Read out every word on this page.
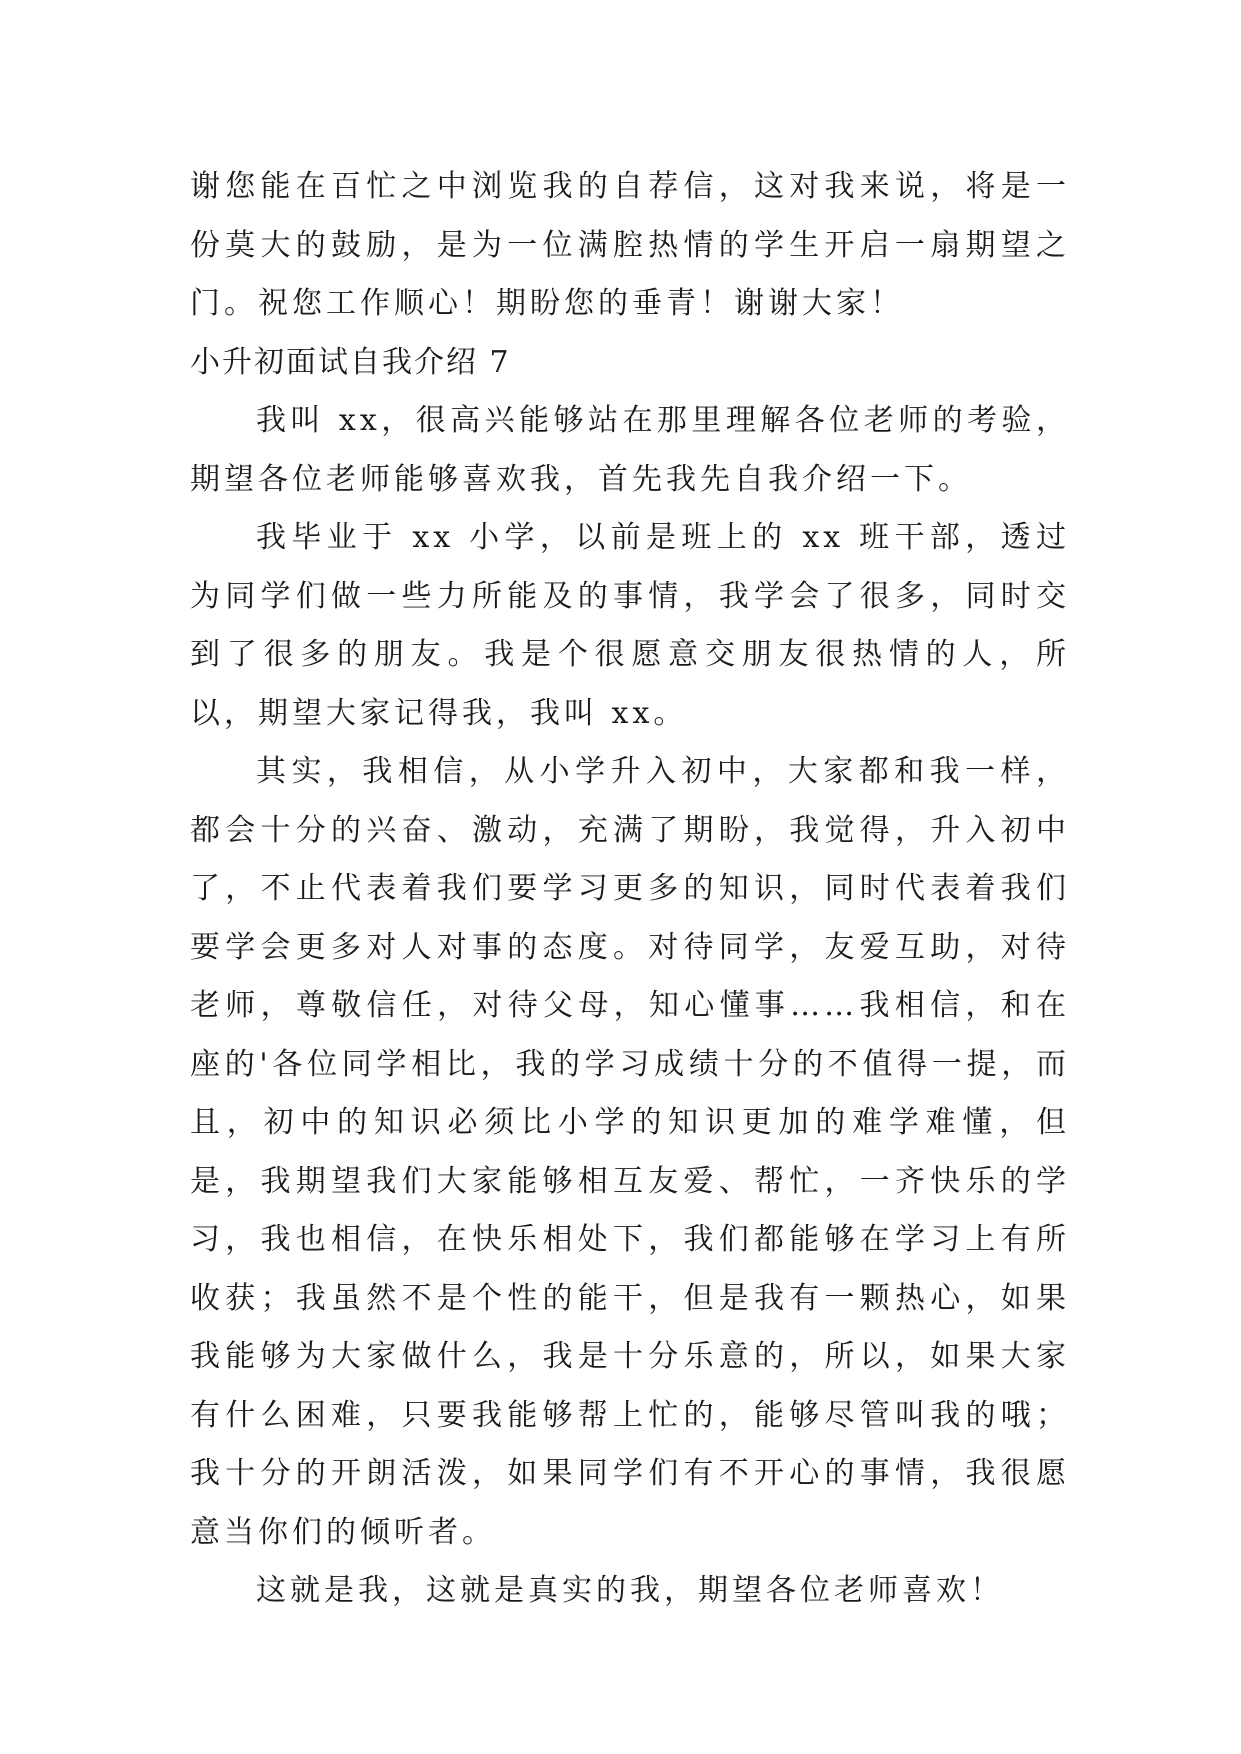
谢您能在百忙之中浏览我的自荐信，这对我来说，将是一份莫大的鼓励，是为一位满腔热情的学生开启一扇期望之门。祝您工作顺心！期盼您的垂青！谢谢大家！

小升初面试自我介绍 7

我叫 xx，很高兴能够站在那里理解各位老师的考验，期望各位老师能够喜欢我，首先我先自我介绍一下。

我毕业于 xx 小学，以前是班上的 xx 班干部，透过为同学们做一些力所能及的事情，我学会了很多，同时交到了很多的朋友。我是个很愿意交朋友很热情的人，所以，期望大家记得我，我叫 xx。

其实，我相信，从小学升入初中，大家都和我一样，都会十分的兴奋、激动，充满了期盼，我觉得，升入初中了，不止代表着我们要学习更多的知识，同时代表着我们要学会更多对人对事的态度。对待同学，友爱互助，对待老师，尊敬信任，对待父母，知心懂事……我相信，和在座的'各位同学相比，我的学习成绩十分的不值得一提，而且，初中的知识必须比小学的知识更加的难学难懂，但是，我期望我们大家能够相互友爱、帮忙，一齐快乐的学习，我也相信，在快乐相处下，我们都能够在学习上有所收获；我虽然不是个性的能干，但是我有一颗热心，如果我能够为大家做什么，我是十分乐意的，所以，如果大家有什么困难，只要我能够帮上忙的，能够尽管叫我的哦；我十分的开朗活泼，如果同学们有不开心的事情，我很愿意当你们的倾听者。

这就是我，这就是真实的我，期望各位老师喜欢！
